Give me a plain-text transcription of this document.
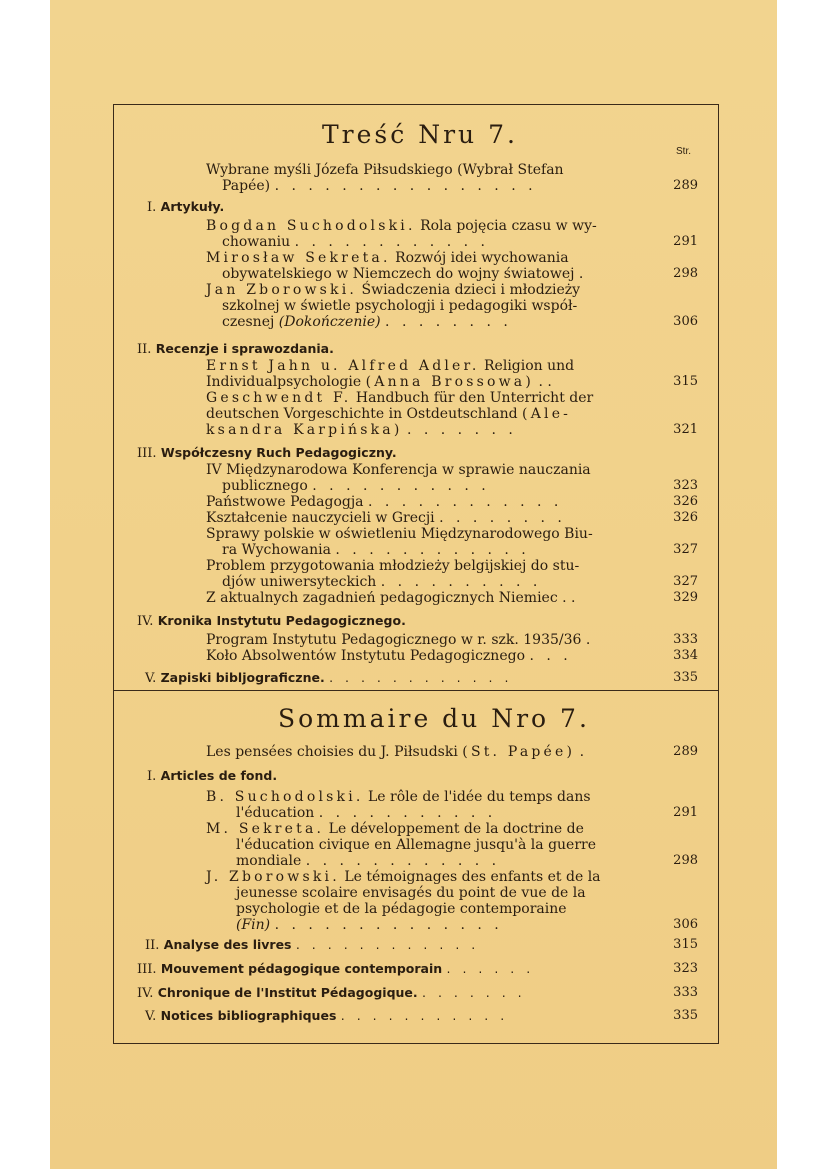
Treść Nru 7.
Str.
Wybrane myśli Józefa Piłsudskiego (Wybrał Stefan
Papée) . . . . . . . . . . . . . . . .	289
I. Artykuły.
Bogdan Suchodolski. Rola pojęcia czasu w wy-
chowaniu . . . . . . . . . . . .	291
Mirosław Sekreta. Rozwój idei wychowania
obywatelskiego w Niemczech do wojny światowej .	298
Jan Zborowski. Świadczenia dzieci i młodzieży
szkolnej w świetle psychologji i pedagogiki współ-
czesnej (Dokończenie) . . . . . . . .	306
II. Recenzje i sprawozdania.
Ernst Jahn u. Alfred Adler. Religion und
Individualpsychologie (Anna Brossowa) . .	315
Geschwendt F. Handbuch für den Unterricht der
deutschen Vorgeschichte in Ostdeutschland (Ale-
ksandra Karpińska) . . . . . . .	321
III. Współczesny Ruch Pedagogiczny.
IV Międzynarodowa Konferencja w sprawie nauczania
publicznego . . . . . . . . . . .	323
Państwowe Pedagogja . . . . . . . . . . . .	326
Kształcenie nauczycieli w Grecji . . . . . . . .	326
Sprawy polskie w oświetleniu Międzynarodowego Biu-
ra Wychowania . . . . . . . . . . . .	327
Problem przygotowania młodzieży belgijskiej do stu-
djów uniwersyteckich . . . . . . . . . .	327
Z aktualnych zagadnień pedagogicznych Niemiec . .	329
IV. Kronika Instytutu Pedagogicznego.
Program Instytutu Pedagogicznego w r. szk. 1935/36 .	333
Koło Absolwentów Instytutu Pedagogicznego . . .	334
V. Zapiski bibljograficzne. . . . . . . . . . . . .	335
Sommaire du Nro 7.
Les pensées choisies du J. Piłsudski (St. Papée) .	289
I. Articles de fond.
B. Suchodolski. Le rôle de l'idée du temps dans
l'éducation . . . . . . . . . . .	291
M. Sekreta. Le développement de la doctrine de
l'éducation civique en Allemagne jusqu'à la guerre
mondiale . . . . . . . . . . . .	298
J. Zborowski. Le témoignages des enfants et de la
jeunesse scolaire envisagés du point de vue de la
psychologie et de la pédagogie contemporaine
(Fin) . . . . . . . . . . . . . .	306
II. Analyse des livres . . . . . . . . . . . .	315
III. Mouvement pédagogique contemporain . . . . . .	323
IV. Chronique de l'Institut Pédagogique. . . . . . . .	333
V. Notices bibliographiques . . . . . . . . . . .	335
